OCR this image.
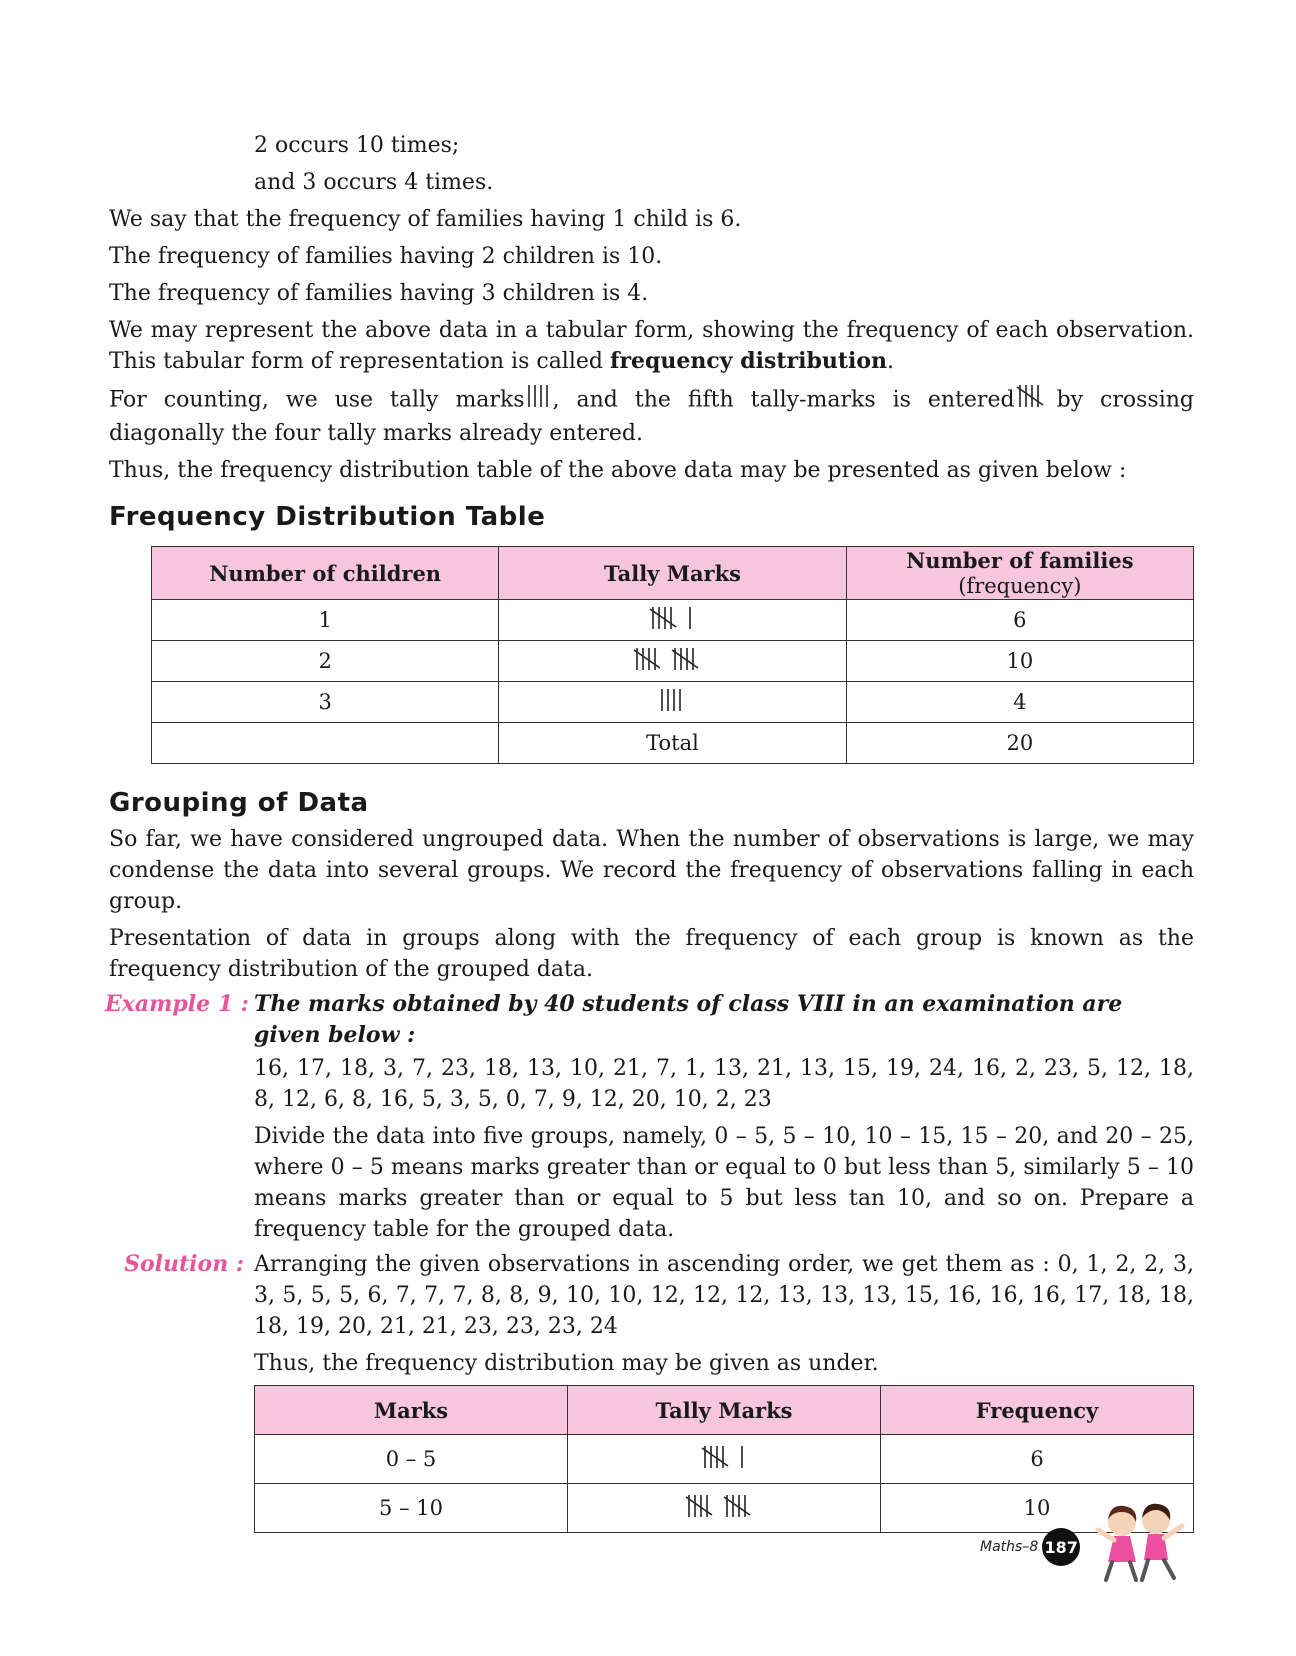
2 occurs 10 times;

and 3 occurs 4 times.

We say that the frequency of families having 1 child is 6.

The frequency of families having 2 children is 10.

The frequency of families having 3 children is 4.

We may represent the above data in a tabular form, showing the frequency of each observation. This tabular form of representation is called frequency distribution.

For counting, we use tally marks , and the fifth tally-marks is entered by crossing diagonally the four tally marks already entered.

Thus, the frequency distribution table of the above data may be presented as given below :

Frequency Distribution Table
Number of children	Tally Marks	Number of families (frequency)
1		6
2		10
3		4
	Total	20
Grouping of Data

So far, we have considered ungrouped data. When the number of observations is large, we may condense the data into several groups. We record the frequency of observations falling in each group.

Presentation of data in groups along with the frequency of each group is known as the frequency distribution of the grouped data.

Example 1 : The marks obtained by 40 students of class VIII in an examination are given below :

16, 17, 18, 3, 7, 23, 18, 13, 10, 21, 7, 1, 13, 21, 13, 15, 19, 24, 16, 2, 23, 5, 12, 18, 8, 12, 6, 8, 16, 5, 3, 5, 0, 7, 9, 12, 20, 10, 2, 23

Divide the data into five groups, namely, 0 – 5, 5 – 10, 10 – 15, 15 – 20, and 20 – 25, where 0 – 5 means marks greater than or equal to 0 but less than 5, similarly 5 – 10 means marks greater than or equal to 5 but less tan 10, and so on. Prepare a frequency table for the grouped data.

Solution : Arranging the given observations in ascending order, we get them as : 0, 1, 2, 2, 3, 3, 5, 5, 5, 6, 7, 7, 7, 8, 8, 9, 10, 10, 12, 12, 12, 13, 13, 13, 15, 16, 16, 16, 17, 18, 18, 18, 19, 20, 21, 21, 23, 23, 23, 24

Thus, the frequency distribution may be given as under.

Marks	Tally Marks	Frequency
0 – 5		6
5 – 10		10
Maths–8 187
